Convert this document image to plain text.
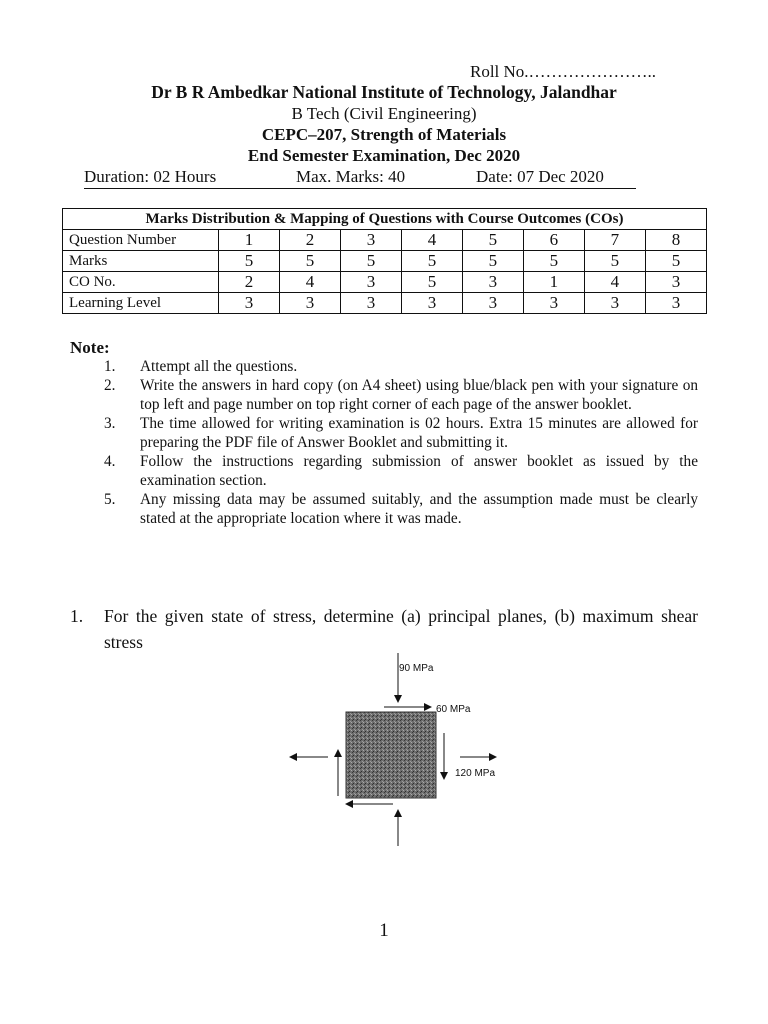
Roll No.…………………..
Dr B R Ambedkar National Institute of Technology, Jalandhar
B Tech (Civil Engineering)
CEPC–207, Strength of Materials
End Semester Examination, Dec 2020
Duration: 02 Hours	Max. Marks: 40	Date: 07 Dec 2020
Marks Distribution & Mapping of Questions with Course Outcomes (COs)								
Question Number	1	2	3	4	5	6	7	8
Marks	5	5	5	5	5	5	5	5
CO No.	2	4	3	5	3	1	4	3
Learning Level	3	3	3	3	3	3	3	3
Note:
1. Attempt all the questions.
2. Write the answers in hard copy (on A4 sheet) using blue/black pen with your signature on top left and page number on top right corner of each page of the answer booklet.
3. The time allowed for writing examination is 02 hours. Extra 15 minutes are allowed for preparing the PDF file of Answer Booklet and submitting it.
4. Follow the instructions regarding submission of answer booklet as issued by the examination section.
5. Any missing data may be assumed suitably, and the assumption made must be clearly stated at the appropriate location where it was made.
1. For the given state of stress, determine (a) principal planes, (b) maximum shear stress
90 MPa
60 MPa
120 MPa
1
